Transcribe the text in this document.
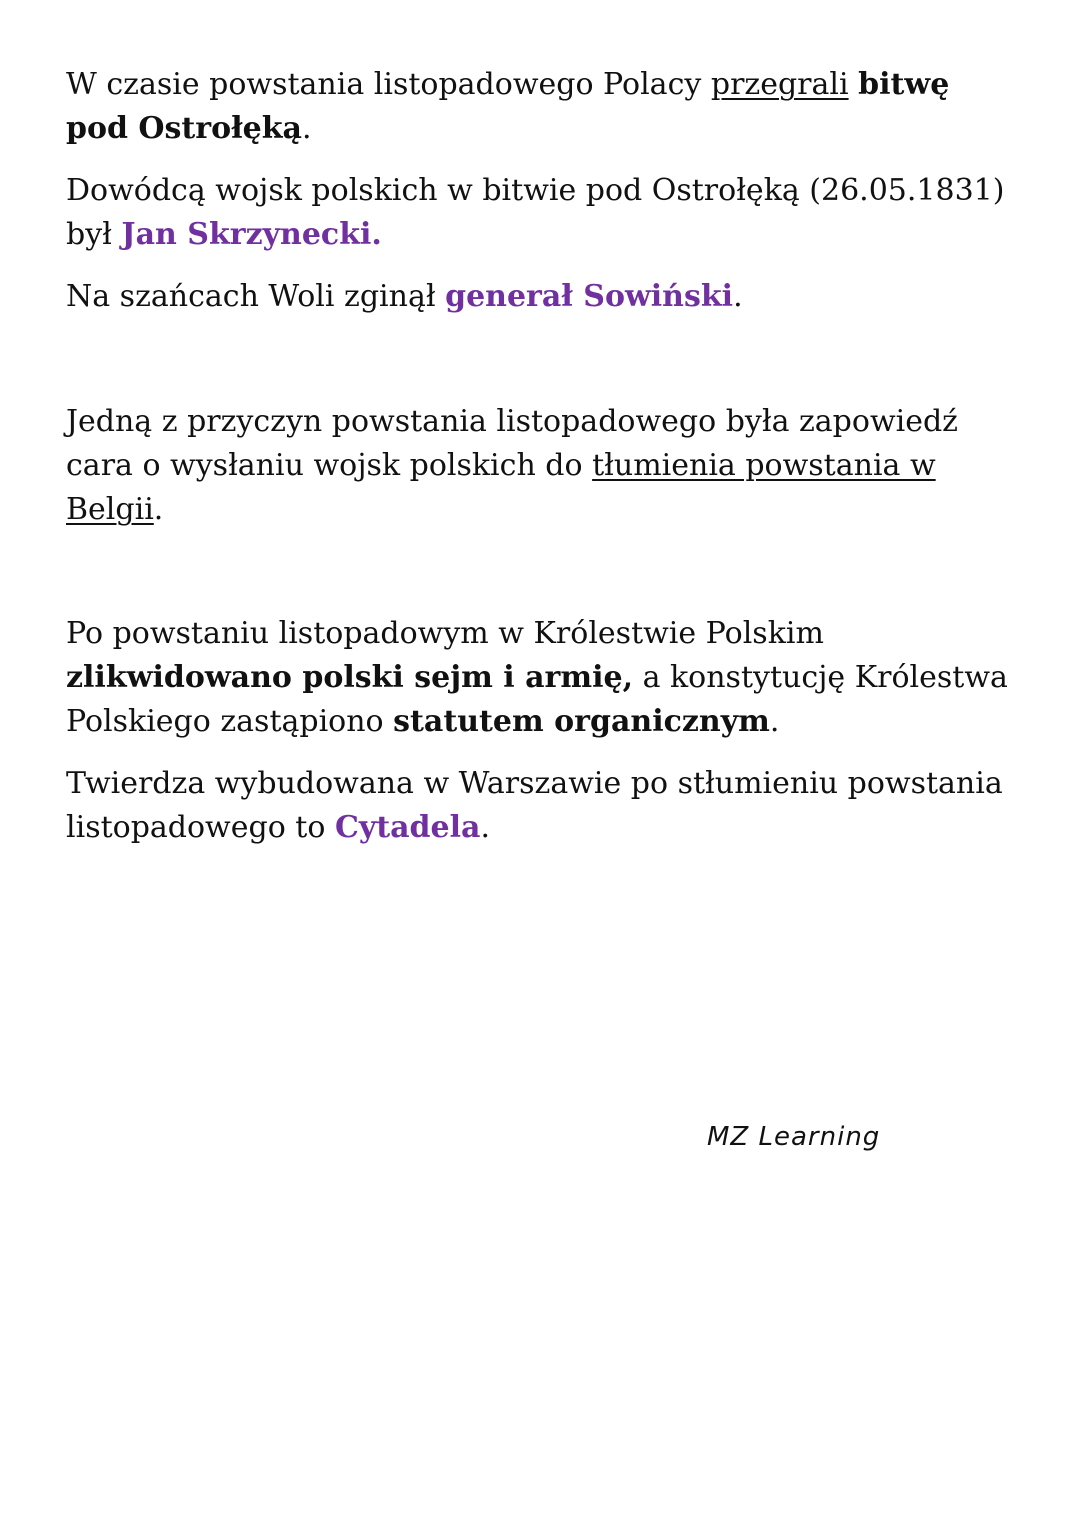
W czasie powstania listopadowego Polacy przegrali bitwę pod Ostrołęką.

Dowódcą wojsk polskich w bitwie pod Ostrołęką (26.05.1831) był Jan Skrzynecki.

Na szańcach Woli zginął generał Sowiński.

Jedną z przyczyn powstania listopadowego była zapowiedź cara o wysłaniu wojsk polskich do tłumienia powstania w Belgii.

Po powstaniu listopadowym w Królestwie Polskim zlikwidowano polski sejm i armię, a konstytucję Królestwa Polskiego zastąpiono statutem organicznym.

Twierdza wybudowana w Warszawie po stłumieniu powstania listopadowego to Cytadela.

MZ Learning
